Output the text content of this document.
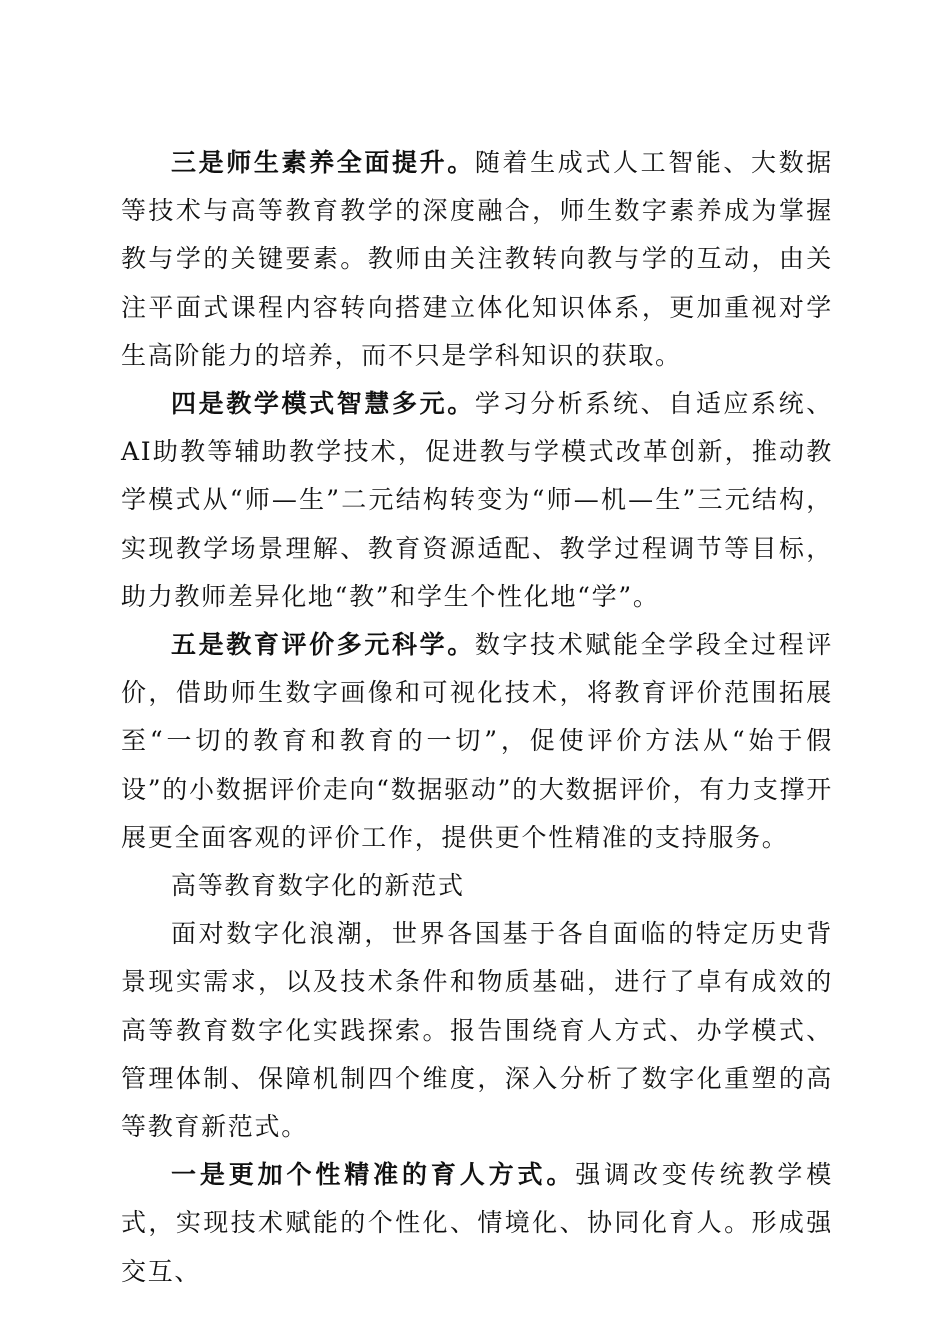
三是师生素养全面提升。随着生成式人工智能、大数据等技术与高等教育教学的深度融合，师生数字素养成为掌握教与学的关键要素。教师由关注教转向教与学的互动，由关注平面式课程内容转向搭建立体化知识体系，更加重视对学生高阶能力的培养，而不只是学科知识的获取。

四是教学模式智慧多元。学习分析系统、自适应系统、AI助教等辅助教学技术，促进教与学模式改革创新，推动教学模式从“师—生”二元结构转变为“师—机—生”三元结构，实现教学场景理解、教育资源适配、教学过程调节等目标，助力教师差异化地“教”和学生个性化地“学”。

五是教育评价多元科学。数字技术赋能全学段全过程评价，借助师生数字画像和可视化技术，将教育评价范围拓展至“一切的教育和教育的一切”，促使评价方法从“始于假设”的小数据评价走向“数据驱动”的大数据评价，有力支撑开展更全面客观的评价工作，提供更个性精准的支持服务。

高等教育数字化的新范式

面对数字化浪潮，世界各国基于各自面临的特定历史背景现实需求，以及技术条件和物质基础，进行了卓有成效的高等教育数字化实践探索。报告围绕育人方式、办学模式、管理体制、保障机制四个维度，深入分析了数字化重塑的高等教育新范式。

一是更加个性精准的育人方式。强调改变传统教学模式，实现技术赋能的个性化、情境化、协同化育人。形成强交互、
